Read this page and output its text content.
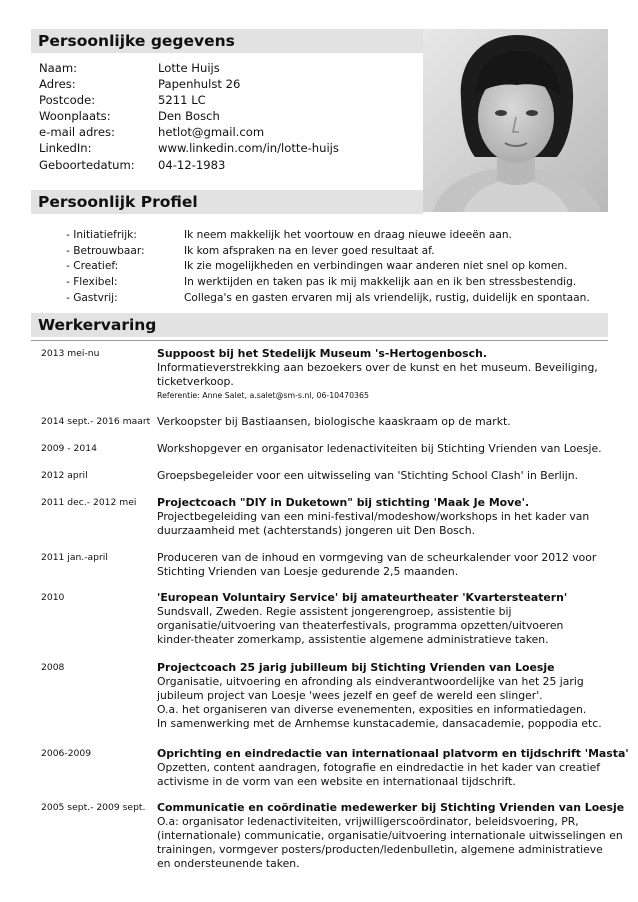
Persoonlijke gegevens
Naam:	Lotte Huijs
Adres:	Papenhulst 26
Postcode:	5211 LC
Woonplaats:	Den Bosch
e-mail adres:	hetlot@gmail.com
LinkedIn:	www.linkedin.com/in/lotte-huijs
Geboortedatum:	04-12-1983
Persoonlijk Profiel
- Initiatiefrijk:	Ik neem makkelijk het voortouw en draag nieuwe ideeën aan.
- Betrouwbaar:	Ik kom afspraken na en lever goed resultaat af.
- Creatief:	Ik zie mogelijkheden en verbindingen waar anderen niet snel op komen.
- Flexibel:	In werktijden en taken pas ik mij makkelijk aan en ik ben stressbestendig.
- Gastvrij:	Collega's en gasten ervaren mij als vriendelijk, rustig, duidelijk en spontaan.
Werkervaring
2013 mei-nu	Suppoost bij het Stedelijk Museum 's-Hertogenbosch.
Informatieverstrekking aan bezoekers over de kunst en het museum. Beveiliging,
ticketverkoop.
Referentie: Anne Salet, a.salet@sm-s.nl, 06-10470365
2014 sept.- 2016 maart Verkoopster bij Bastiaansen, biologische kaaskraam op de markt.
2009 - 2014	Workshopgever en organisator ledenactiviteiten bij Stichting Vrienden van Loesje.
2012 april	Groepsbegeleider voor een uitwisseling van 'Stichting School Clash' in Berlijn.
2011 dec.- 2012 mei Projectcoach "DIY in Duketown" bij stichting 'Maak Je Move'.
Projectbegeleiding van een mini-festival/modeshow/workshops in het kader van
duurzaamheid met (achterstands) jongeren uit Den Bosch.
2011 jan.-april	Produceren van de inhoud en vormgeving van de scheurkalender voor 2012 voor
Stichting Vrienden van Loesje gedurende 2,5 maanden.
2010	'European Voluntairy Service' bij amateurtheater 'Kvartersteatern'
Sundsvall, Zweden. Regie assistent jongerengroep, assistentie bij
organisatie/uitvoering van theaterfestivals, programma opzetten/uitvoeren
kinder-theater zomerkamp, assistentie algemene administratieve taken.
2008	Projectcoach 25 jarig jubilleum bij Stichting Vrienden van Loesje
Organisatie, uitvoering en afronding als eindverantwoordelijke van het 25 jarig
jubileum project van Loesje 'wees jezelf en geef de wereld een slinger'.
O.a. het organiseren van diverse evenementen, exposities en informatiedagen.
In samenwerking met de Arnhemse kunstacademie, dansacademie, poppodia etc.
2006-2009	Oprichting en eindredactie van internationaal platvorm en tijdschrift 'Masta'
Opzetten, content aandragen, fotografie en eindredactie in het kader van creatief
activisme in de vorm van een website en internationaal tijdschrift.
2005 sept.- 2009 sept. Communicatie en coördinatie medewerker bij Stichting Vrienden van Loesje
O.a: organisator ledenactiviteiten, vrijwilligerscoördinator, beleidsvoering, PR,
(internationale) communicatie, organisatie/uitvoering internationale uitwisselingen en
trainingen, vormgever posters/producten/ledenbulletin, algemene administratieve
en ondersteunende taken.
